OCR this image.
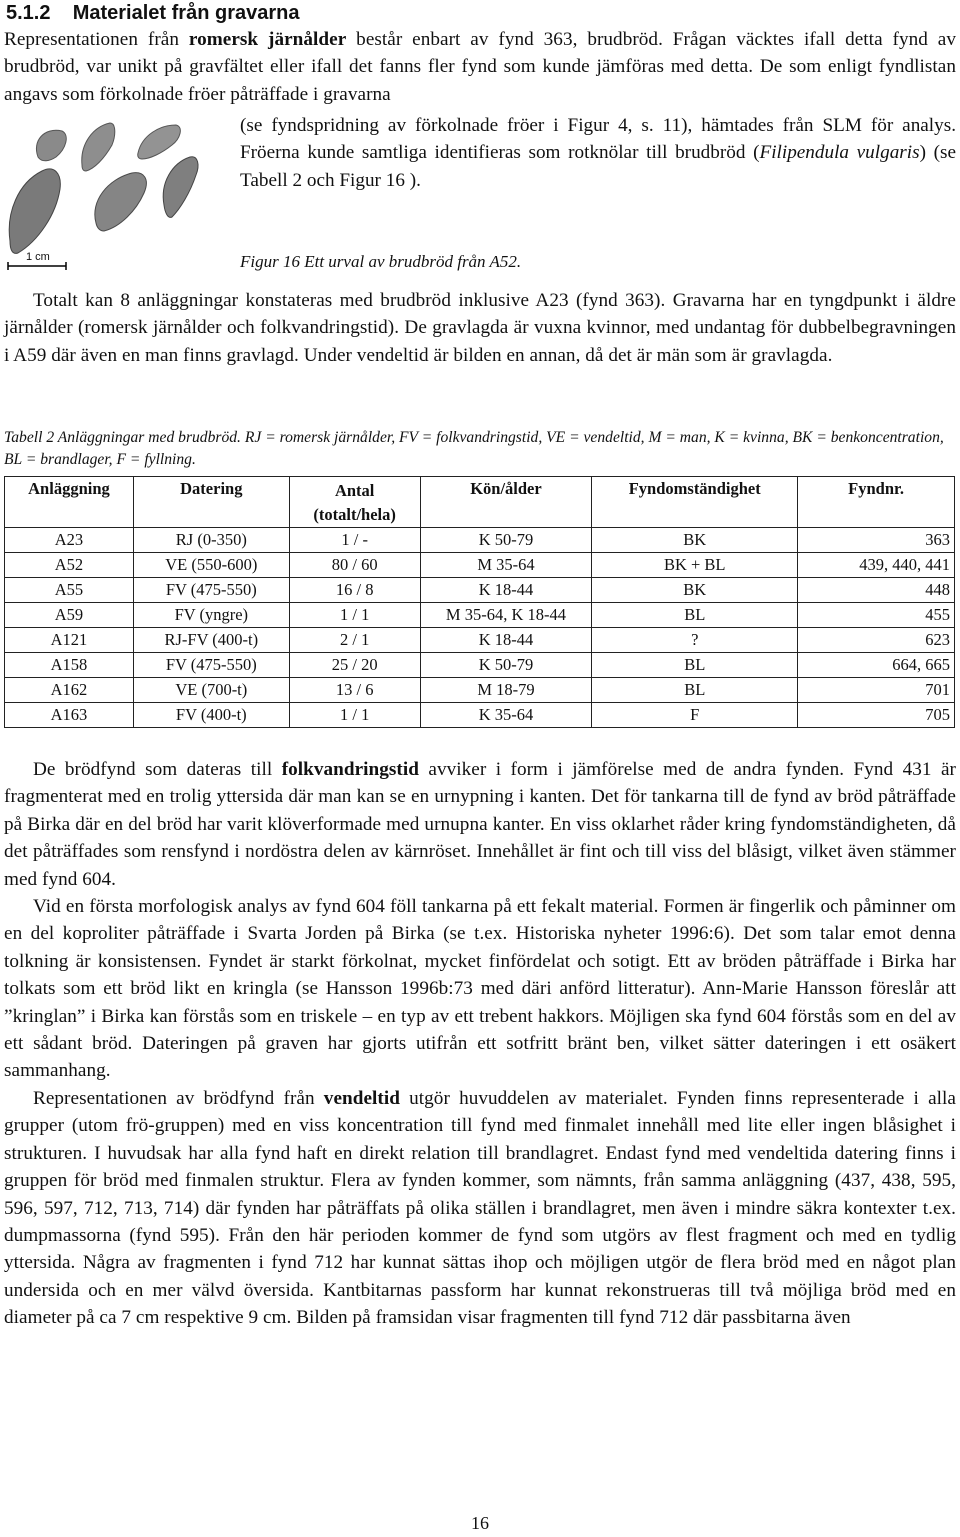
5.1.2    Materialet från gravarna

Representationen från romersk järnålder består enbart av fynd 363, brudbröd. Frågan väcktes ifall detta fynd av brudbröd, var unikt på gravfältet eller ifall det fanns fler fynd som kunde jämföras med detta. De som enligt fyndlistan angavs som förkolnade fröer påträffade i gravarna

1 cm
(se fyndspridning av förkolnade fröer i Figur 4, s. 11), hämtades från SLM för analys. Fröerna kunde samtliga identifieras som rotknölar till brudbröd (Filipendula vulgaris) (se Tabell 2 och Figur 16 ).
Figur 16 Ett urval av brudbröd från A52.
Totalt kan 8 anläggningar konstateras med brudbröd inklusive A23 (fynd 363). Gravarna har en tyngdpunkt i äldre järnålder (romersk järnålder och folkvandringstid). De gravlagda är vuxna kvinnor, med undantag för dubbelbegravningen i A59 där även en man finns gravlagd. Under vendeltid är bilden en annan, då det är män som är gravlagda.
Tabell 2 Anläggningar med brudbröd. RJ = romersk järnålder, FV = folkvandringstid, VE = vendeltid, M = man, K = kvinna, BK = benkoncentration, BL = brandlager, F = fyllning.
Anläggning	Datering	Antal
(totalt/hela)	Kön/ålder	Fyndomständighet	Fyndnr.
A23	RJ (0-350)	1 / -	K 50-79	BK	363
A52	VE (550-600)	80 / 60	M 35-64	BK + BL	439, 440, 441
A55	FV (475-550)	16 / 8	K 18-44	BK	448
A59	FV (yngre)	1 / 1	M 35-64, K 18-44	BL	455
A121	RJ-FV (400-t)	2 / 1	K 18-44	?	623
A158	FV (475-550)	25 / 20	K 50-79	BL	664, 665
A162	VE (700-t)	13 / 6	M 18-79	BL	701
A163	FV (400-t)	1 / 1	K 35-64	F	705

De brödfynd som dateras till folkvandringstid avviker i form i jämförelse med de andra fynden. Fynd 431 är fragmenterat med en trolig yttersida där man kan se en urnypning i kanten. Det för tankarna till de fynd av bröd påträffade på Birka där en del bröd har varit klöverformade med urnupna kanter. En viss oklarhet råder kring fyndomständigheten, då det påträffades som rensfynd i nordöstra delen av kärnröset. Innehållet är fint och till viss del blåsigt, vilket även stämmer med fynd 604.

Vid en första morfologisk analys av fynd 604 föll tankarna på ett fekalt material. Formen är fingerlik och påminner om en del koproliter påträffade i Svarta Jorden på Birka (se t.ex. Historiska nyheter 1996:6). Det som talar emot denna tolkning är konsistensen. Fyndet är starkt förkolnat, mycket finfördelat och sotigt. Ett av bröden påträffade i Birka har tolkats som ett bröd likt en kringla (se Hansson 1996b:73 med däri anförd litteratur). Ann-Marie Hansson föreslår att ”kringlan” i Birka kan förstås som en triskele – en typ av ett trebent hakkors. Möjligen ska fynd 604 förstås som en del av ett sådant bröd. Dateringen på graven har gjorts utifrån ett sotfritt bränt ben, vilket sätter dateringen i ett osäkert sammanhang.

Representationen av brödfynd från vendeltid utgör huvuddelen av materialet. Fynden finns representerade i alla grupper (utom frö-gruppen) med en viss koncentration till fynd med finmalet innehåll med lite eller ingen blåsighet i strukturen. I huvudsak har alla fynd haft en direkt relation till brandlagret. Endast fynd med vendeltida datering finns i gruppen för bröd med finmalen struktur. Flera av fynden kommer, som nämnts, från samma anläggning (437, 438, 595, 596, 597, 712, 713, 714) där fynden har påträffats på olika ställen i brandlagret, men även i mindre säkra kontexter t.ex. dumpmassorna (fynd 595). Från den här perioden kommer de fynd som utgörs av flest fragment och med en tydlig yttersida. Några av fragmenten i fynd 712 har kunnat sättas ihop och möjligen utgör de flera bröd med en något plan undersida och en mer välvd översida. Kantbitarnas passform har kunnat rekonstrueras till två möjliga bröd med en diameter på ca 7 cm respektive 9 cm. Bilden på framsidan visar fragmenten till fynd 712 där passbitarna även

16
